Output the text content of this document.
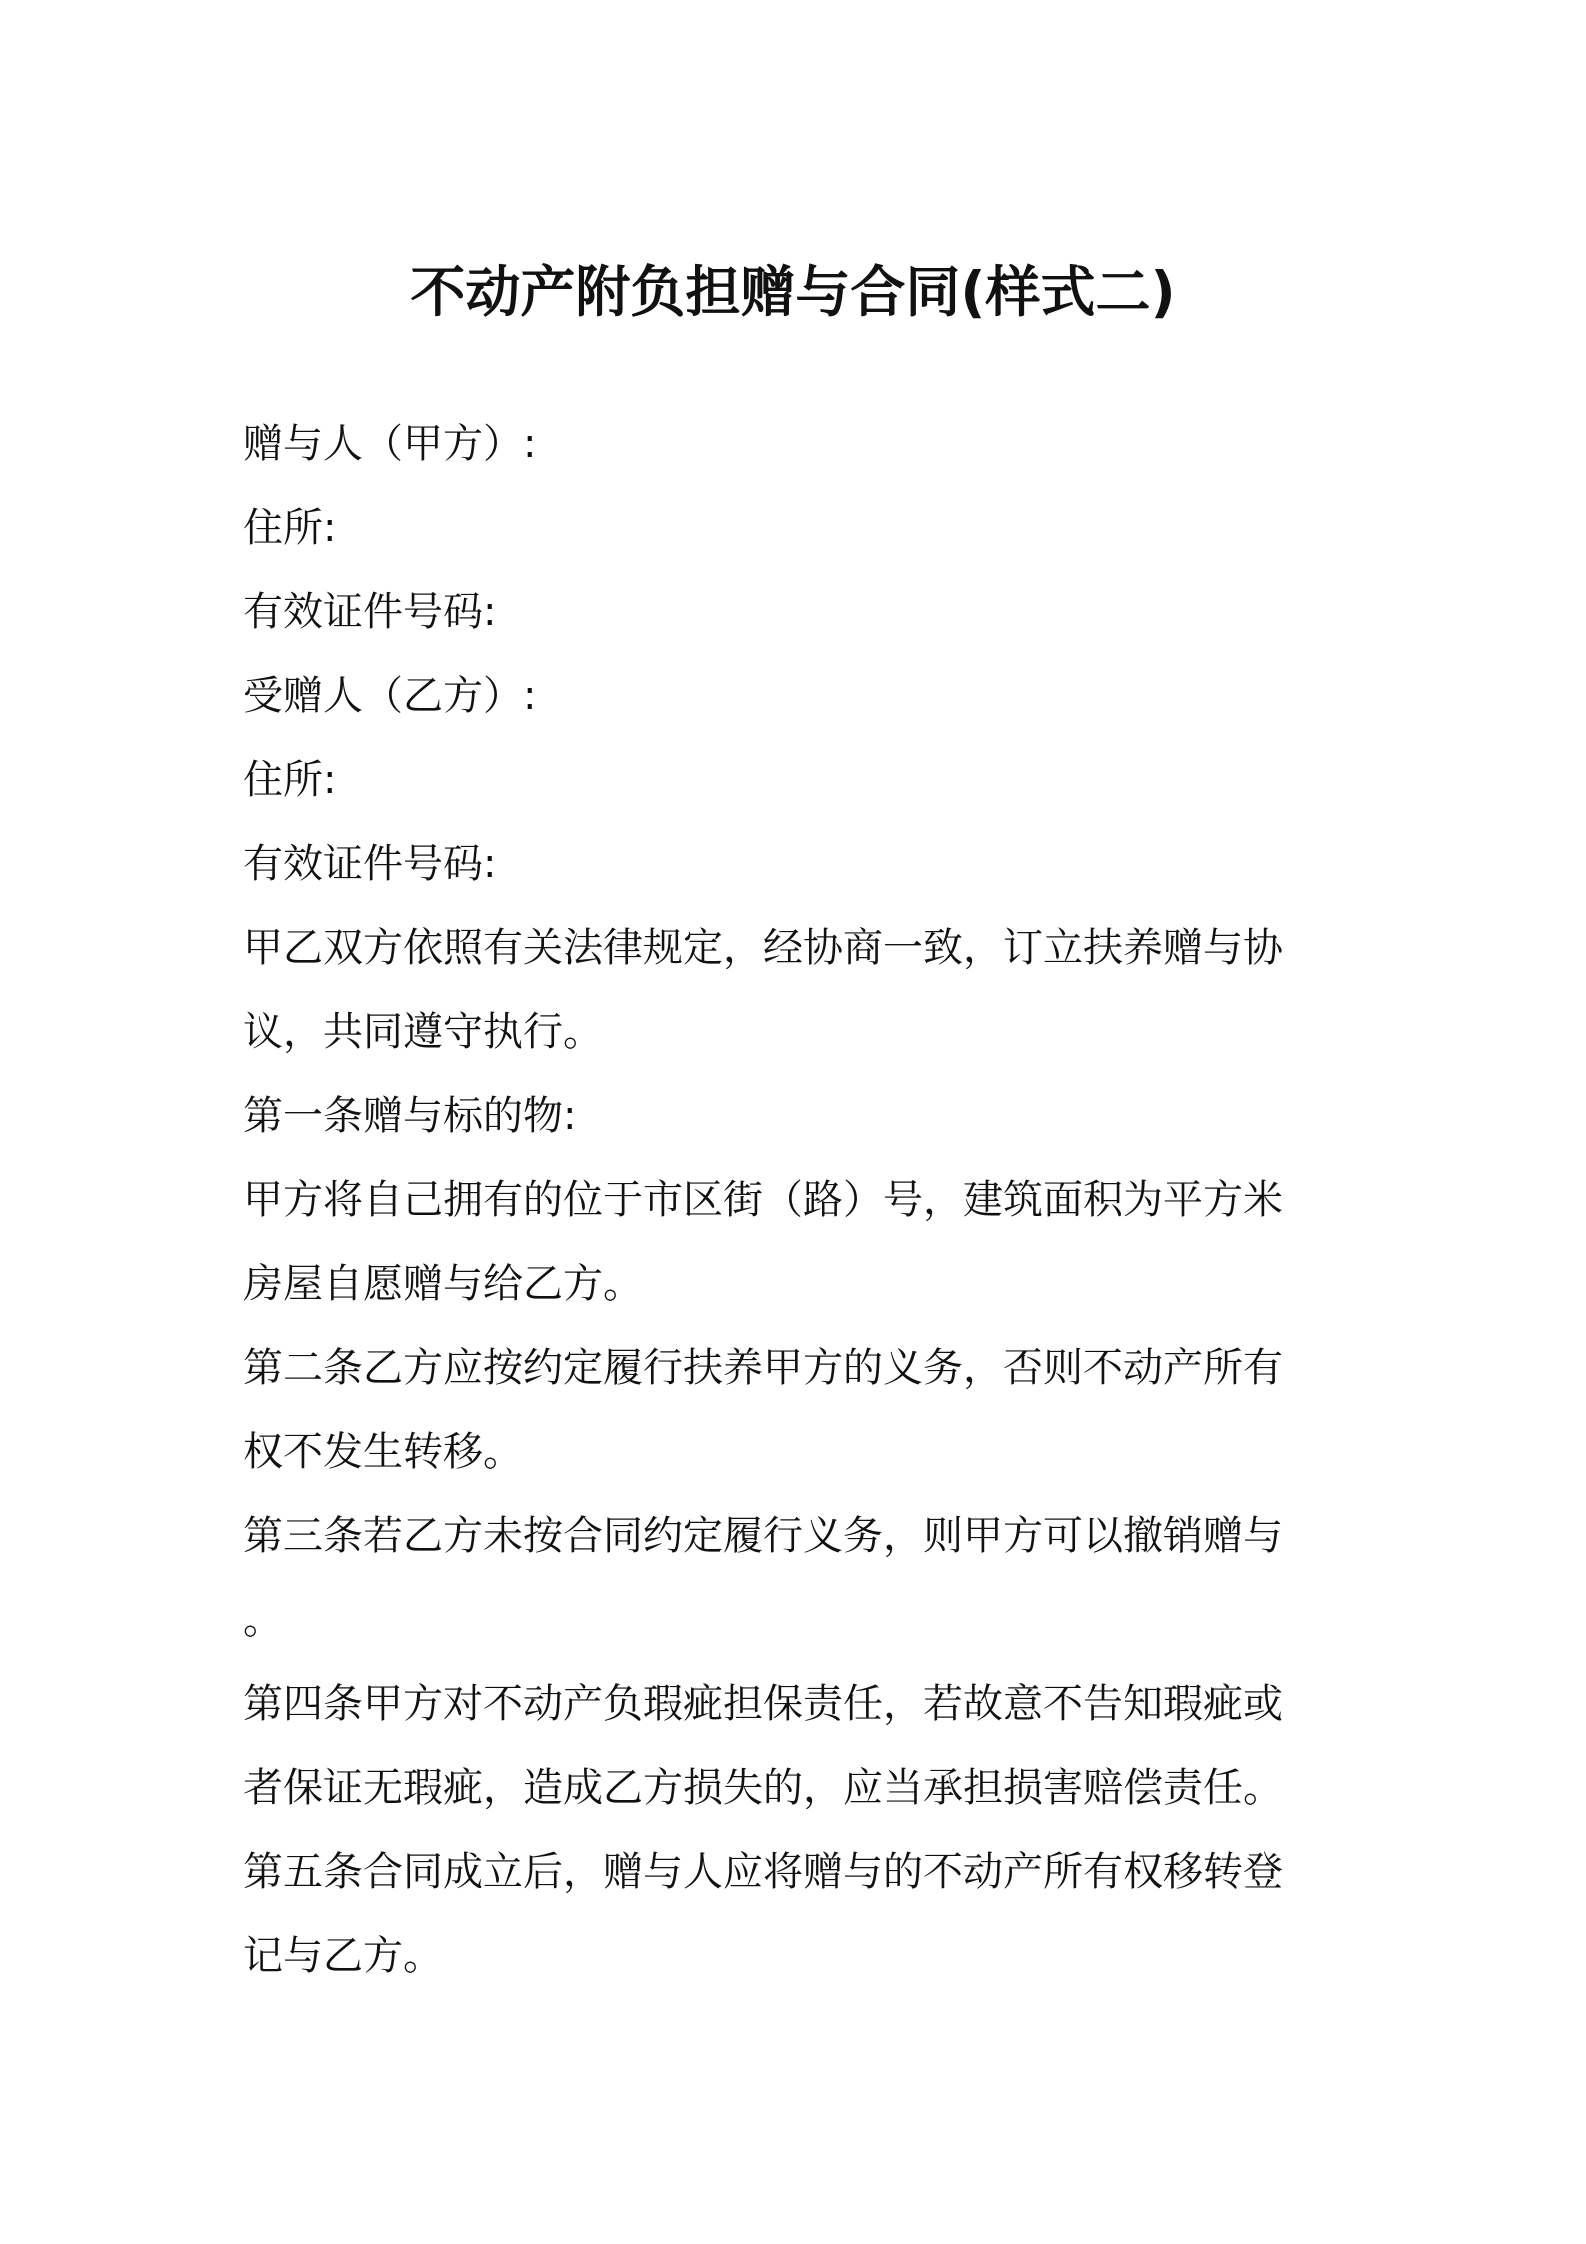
不动产附负担赠与合同(样式二)
赠与人（甲方）:
住所:
有效证件号码:
受赠人（乙方）:
住所:
有效证件号码:
甲乙双方依照有关法律规定，经协商一致，订立扶养赠与协
议，共同遵守执行。
第一条赠与标的物:
甲方将自己拥有的位于市区街（路）号，建筑面积为平方米
房屋自愿赠与给乙方。
第二条乙方应按约定履行扶养甲方的义务，否则不动产所有
权不发生转移。
第三条若乙方未按合同约定履行义务，则甲方可以撤销赠与
。
第四条甲方对不动产负瑕疵担保责任，若故意不告知瑕疵或
者保证无瑕疵，造成乙方损失的，应当承担损害赔偿责任。
第五条合同成立后，赠与人应将赠与的不动产所有权移转登
记与乙方。
